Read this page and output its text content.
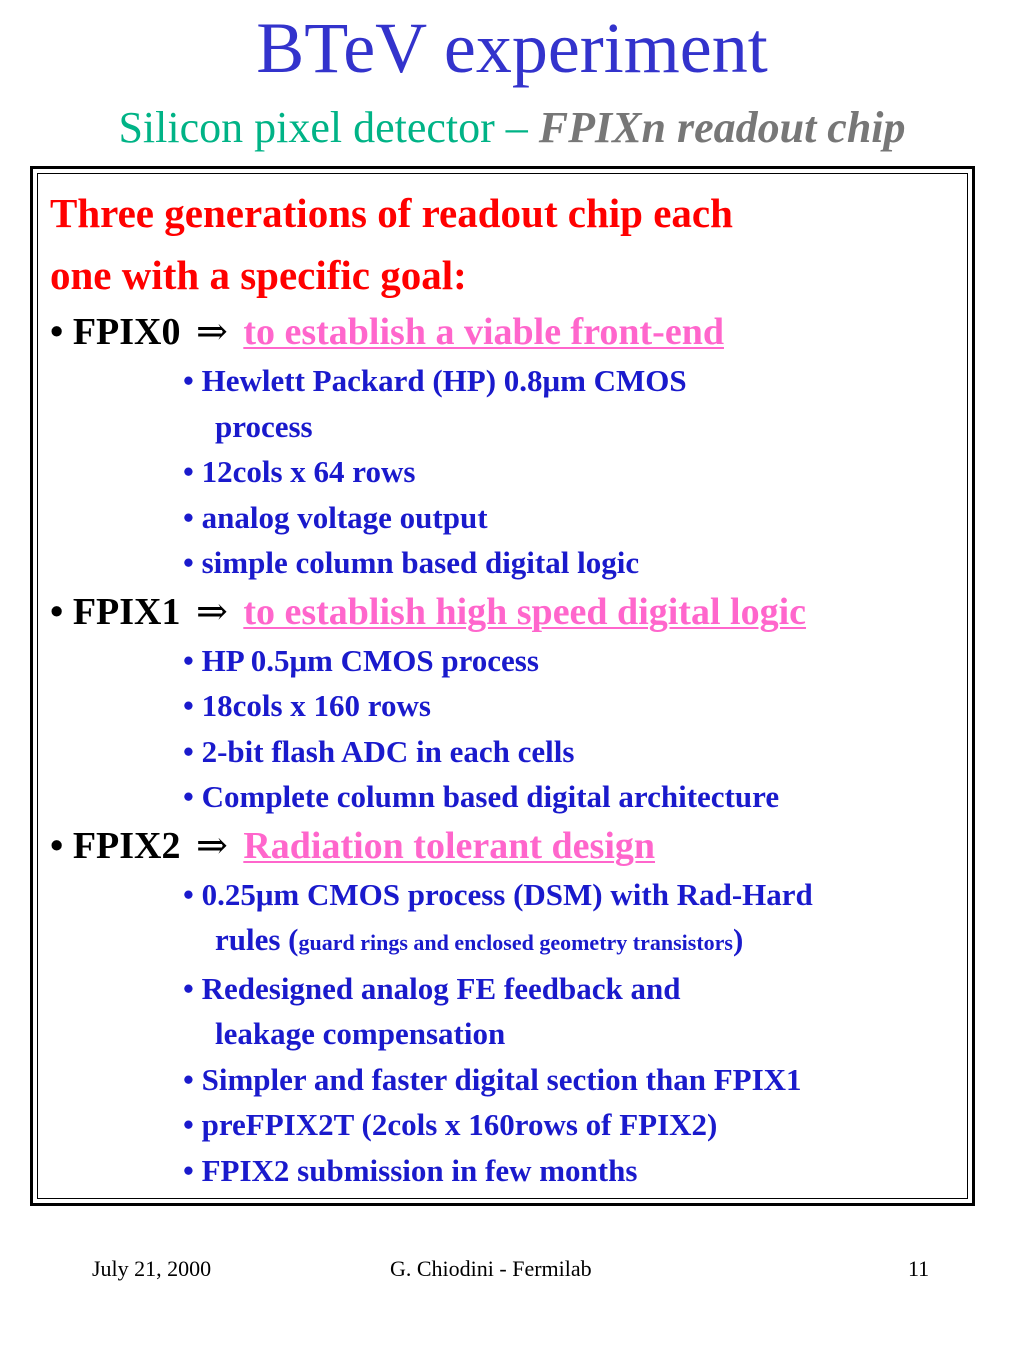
BTeV experiment
Silicon pixel detector – FPIXn readout chip
Three generations of readout chip each
one with a specific goal:
• FPIX0 ⇒ to establish a viable front-end
• Hewlett Packard (HP) 0.8μm CMOS
process
• 12cols x 64 rows
• analog voltage output
• simple column based digital logic
• FPIX1 ⇒ to establish high speed digital logic
• HP 0.5μm CMOS process
• 18cols x 160 rows
• 2-bit flash ADC in each cells
• Complete column based digital architecture
• FPIX2 ⇒ Radiation tolerant design
• 0.25μm CMOS process (DSM) with Rad-Hard
rules (guard rings and enclosed geometry transistors)
• Redesigned analog FE feedback and
leakage compensation
• Simpler and faster digital section than FPIX1
• preFPIX2T (2cols x 160rows of FPIX2)
• FPIX2 submission in few months
July 21, 2000	G. Chiodini - Fermilab	11
